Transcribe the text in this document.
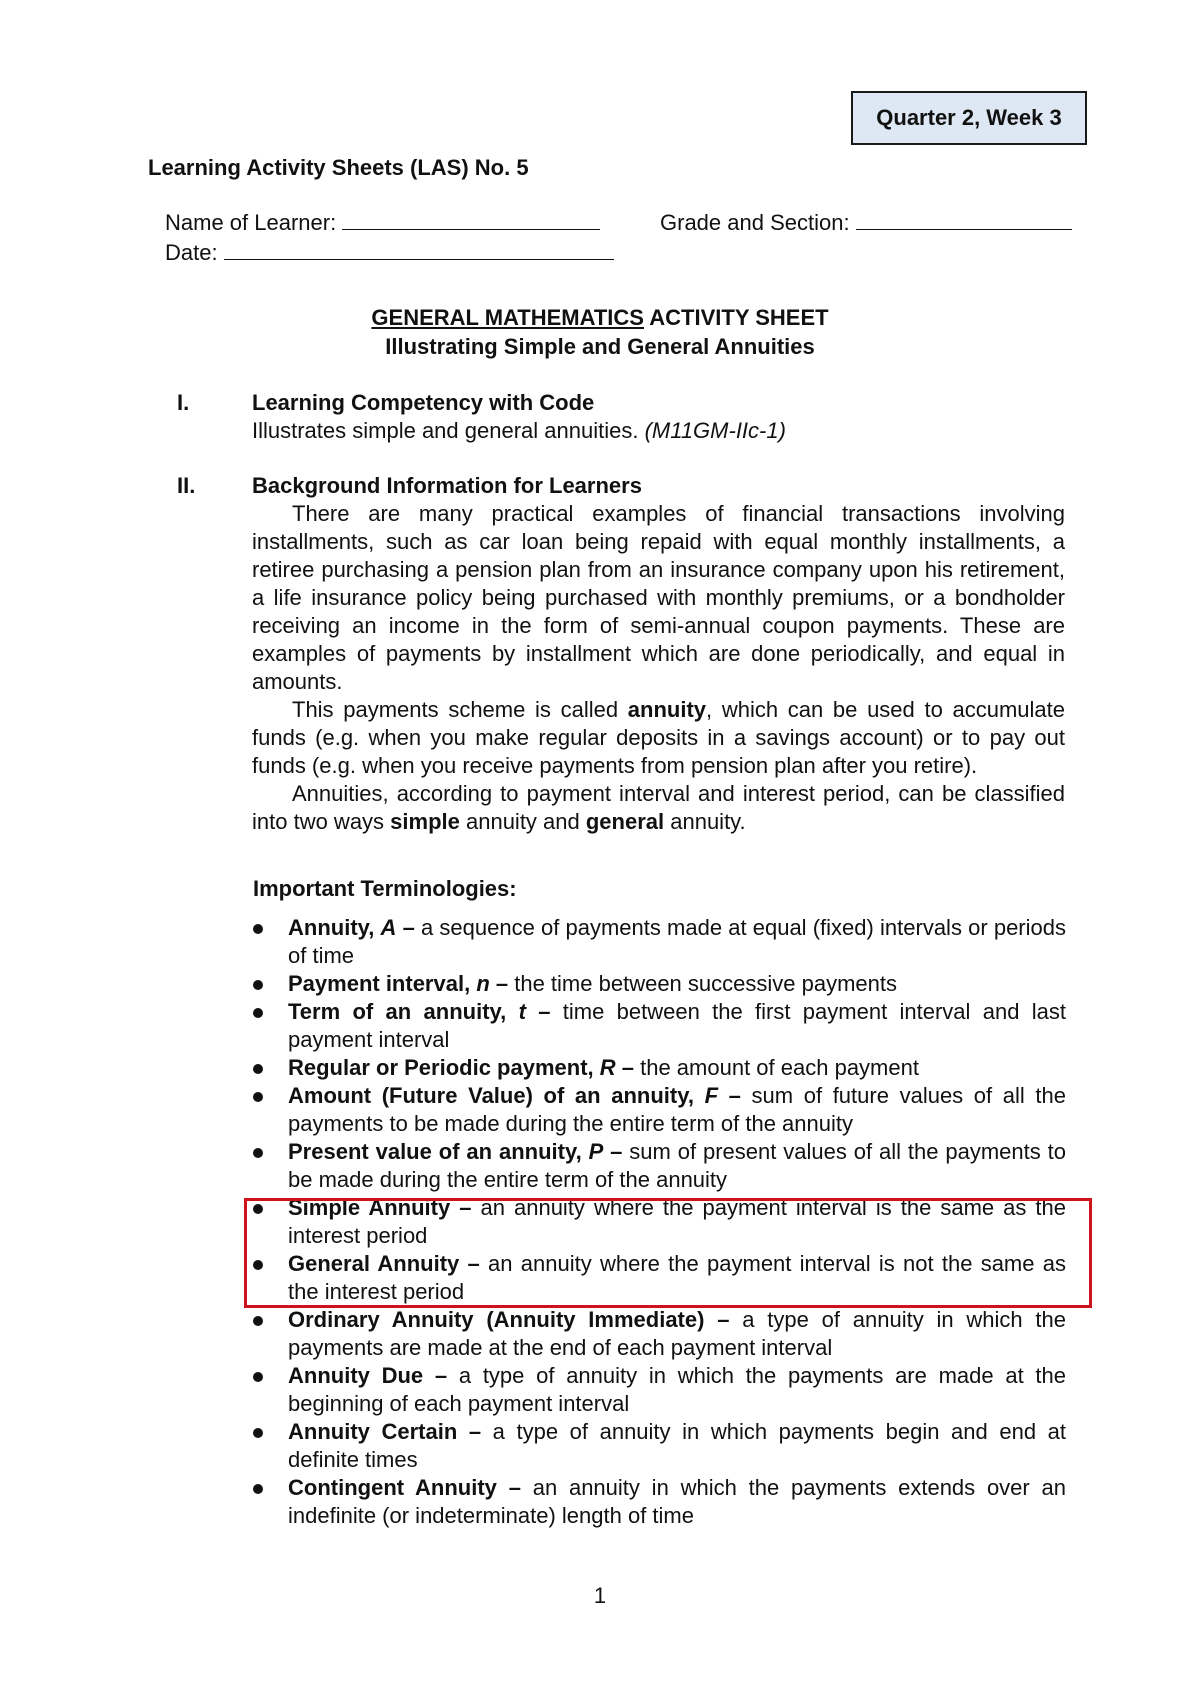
Quarter 2, Week 3
Learning Activity Sheets (LAS) No. 5
Name of Learner:	Grade and Section:
Date:
GENERAL MATHEMATICS ACTIVITY SHEET
Illustrating Simple and General Annuities
I.	Learning Competency with Code
Illustrates simple and general annuities. (M11GM-IIc-1)
II.	Background Information for Learners

There are many practical examples of financial transactions involving installments, such as car loan being repaid with equal monthly installments, a retiree purchasing a pension plan from an insurance company upon his retirement, a life insurance policy being purchased with monthly premiums, or a bondholder receiving an income in the form of semi-annual coupon payments. These are examples of payments by installment which are done periodically, and equal in amounts.

This payments scheme is called annuity, which can be used to accumulate funds (e.g. when you make regular deposits in a savings account) or to pay out funds (e.g. when you receive payments from pension plan after you retire).

Annuities, according to payment interval and interest period, can be classified into two ways simple annuity and general annuity.

Important Terminologies:
Annuity, A – a sequence of payments made at equal (fixed) intervals or periods of time
Payment interval, n – the time between successive payments
Term of an annuity, t – time between the first payment interval and last payment interval
Regular or Periodic payment, R – the amount of each payment
Amount (Future Value) of an annuity, F – sum of future values of all the payments to be made during the entire term of the annuity
Present value of an annuity, P – sum of present values of all the payments to be made during the entire term of the annuity
Simple Annuity – an annuity where the payment interval is the same as the interest period
General Annuity – an annuity where the payment interval is not the same as the interest period
Ordinary Annuity (Annuity Immediate) – a type of annuity in which the payments are made at the end of each payment interval
Annuity Due – a type of annuity in which the payments are made at the beginning of each payment interval
Annuity Certain – a type of annuity in which payments begin and end at definite times
Contingent Annuity – an annuity in which the payments extends over an indefinite (or indeterminate) length of time
1
